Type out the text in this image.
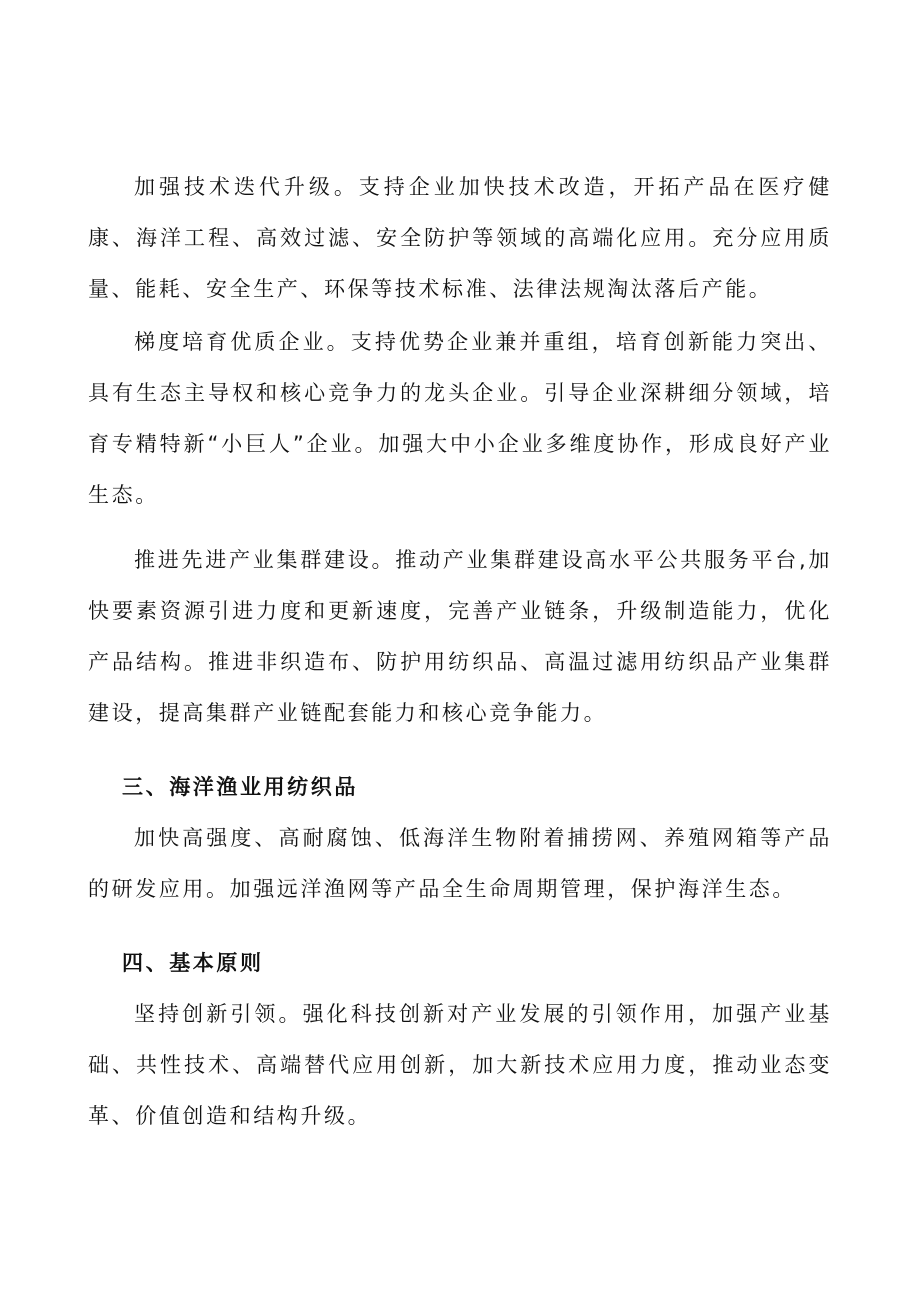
加强技术迭代升级。支持企业加快技术改造，开拓产品在医疗健康、海洋工程、高效过滤、安全防护等领域的高端化应用。充分应用质量、能耗、安全生产、环保等技术标准、法律法规淘汰落后产能。

梯度培育优质企业。支持优势企业兼并重组，培育创新能力突出、具有生态主导权和核心竞争力的龙头企业。引导企业深耕细分领域，培育专精特新“小巨人”企业。加强大中小企业多维度协作，形成良好产业生态。

推进先进产业集群建设。推动产业集群建设高水平公共服务平台,加快要素资源引进力度和更新速度，完善产业链条，升级制造能力，优化产品结构。推进非织造布、防护用纺织品、高温过滤用纺织品产业集群建设，提高集群产业链配套能力和核心竞争能力。

三、海洋渔业用纺织品

加快高强度、高耐腐蚀、低海洋生物附着捕捞网、养殖网箱等产品的研发应用。加强远洋渔网等产品全生命周期管理，保护海洋生态。

四、基本原则

坚持创新引领。强化科技创新对产业发展的引领作用，加强产业基础、共性技术、高端替代应用创新，加大新技术应用力度，推动业态变革、价值创造和结构升级。
